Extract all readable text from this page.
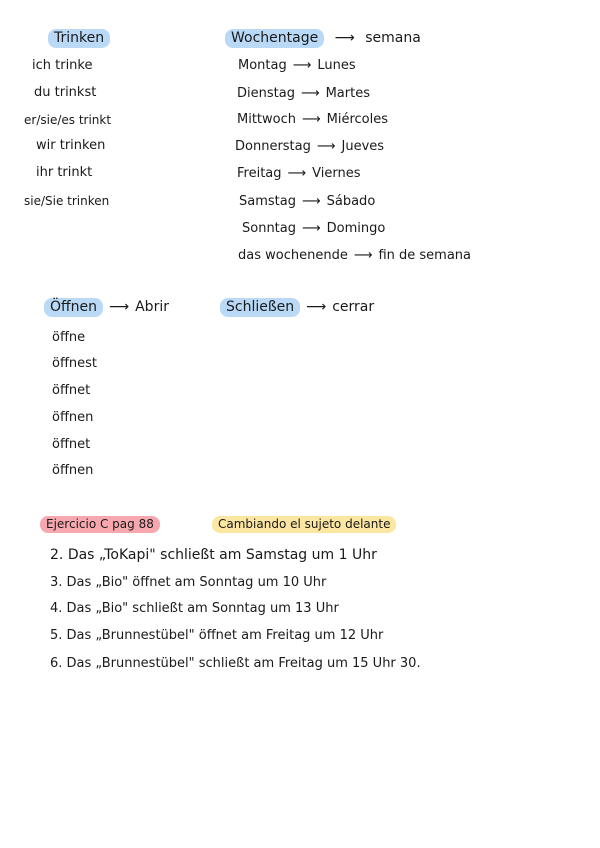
Trinken
ich trinke
du trinkst
er/sie/es trinkt
wir trinken
ihr trinkt
sie/Sie trinken
Wochentage ⟶ semana
Montag ⟶ Lunes
Dienstag ⟶ Martes
Mittwoch ⟶ Miércoles
Donnerstag ⟶ Jueves
Freitag ⟶ Viernes
Samstag ⟶ Sábado
Sonntag ⟶ Domingo
das wochenende ⟶ fin de semana
Öffnen ⟶ Abrir
öffne
öffnest
öffnet
öffnen
öffnet
öffnen
Schließen ⟶ cerrar
Ejercicio C pag 88	Cambiando el sujeto delante
2. Das „ToKapi" schließt am Samstag um 1 Uhr
3. Das „Bio" öffnet am Sonntag um 10 Uhr
4. Das „Bio" schließt am Sonntag um 13 Uhr
5. Das „Brunnestübel" öffnet am Freitag um 12 Uhr
6. Das „Brunnestübel" schließt am Freitag um 15 Uhr 30.
